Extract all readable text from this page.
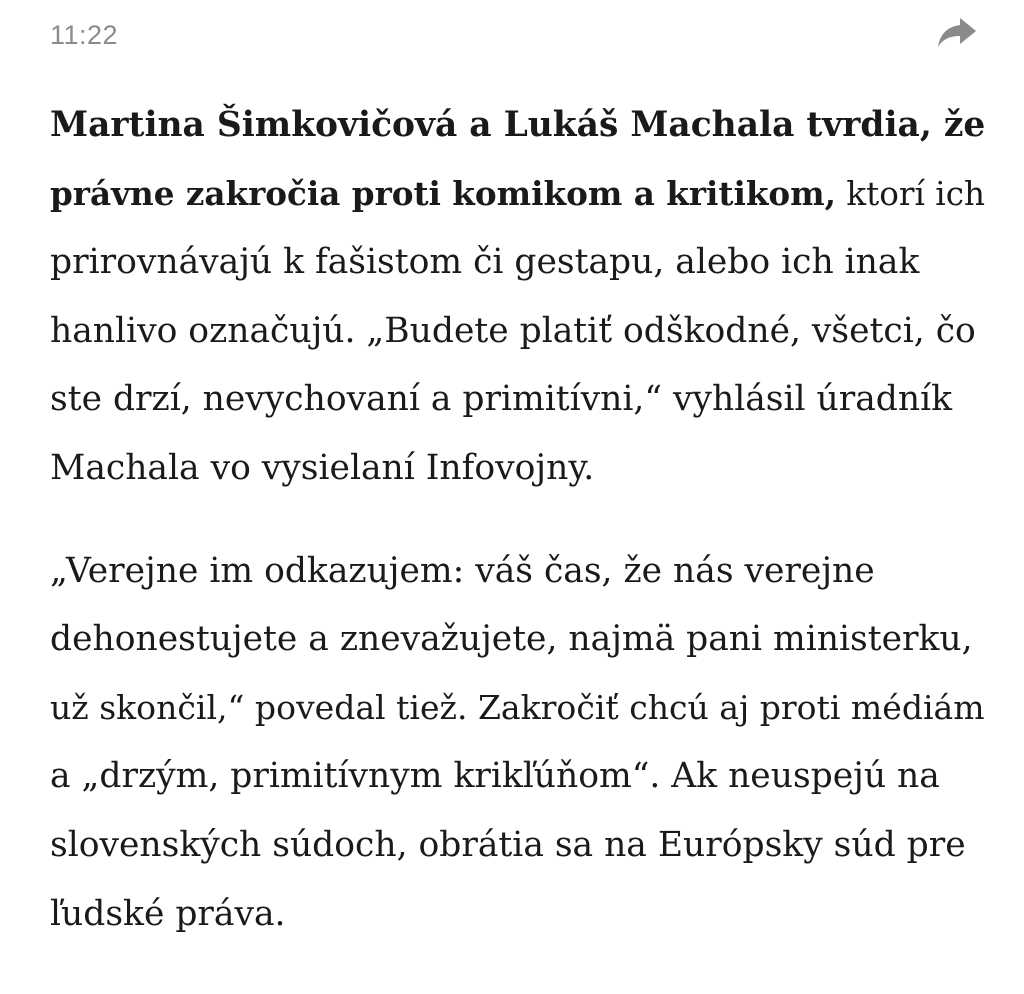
11:22

Martina Šimkovičová a Lukáš Machala tvrdia, že
právne zakročia proti komikom a kritikom, ktorí ich
prirovnávajú k fašistom či gestapu, alebo ich inak
hanlivo označujú. „Budete platiť odškodné, všetci, čo
ste drzí, nevychovaní a primitívni,“ vyhlásil úradník
Machala vo vysielaní Infovojny.

„Verejne im odkazujem: váš čas, že nás verejne
dehonestujete a znevažujete, najmä pani ministerku,
už skončil,“ povedal tiež. Zakročiť chcú aj proti médiám
a „drzým, primitívnym krikľúňom“. Ak neuspejú na
slovenských súdoch, obrátia sa na Európsky súd pre
ľudské práva.
